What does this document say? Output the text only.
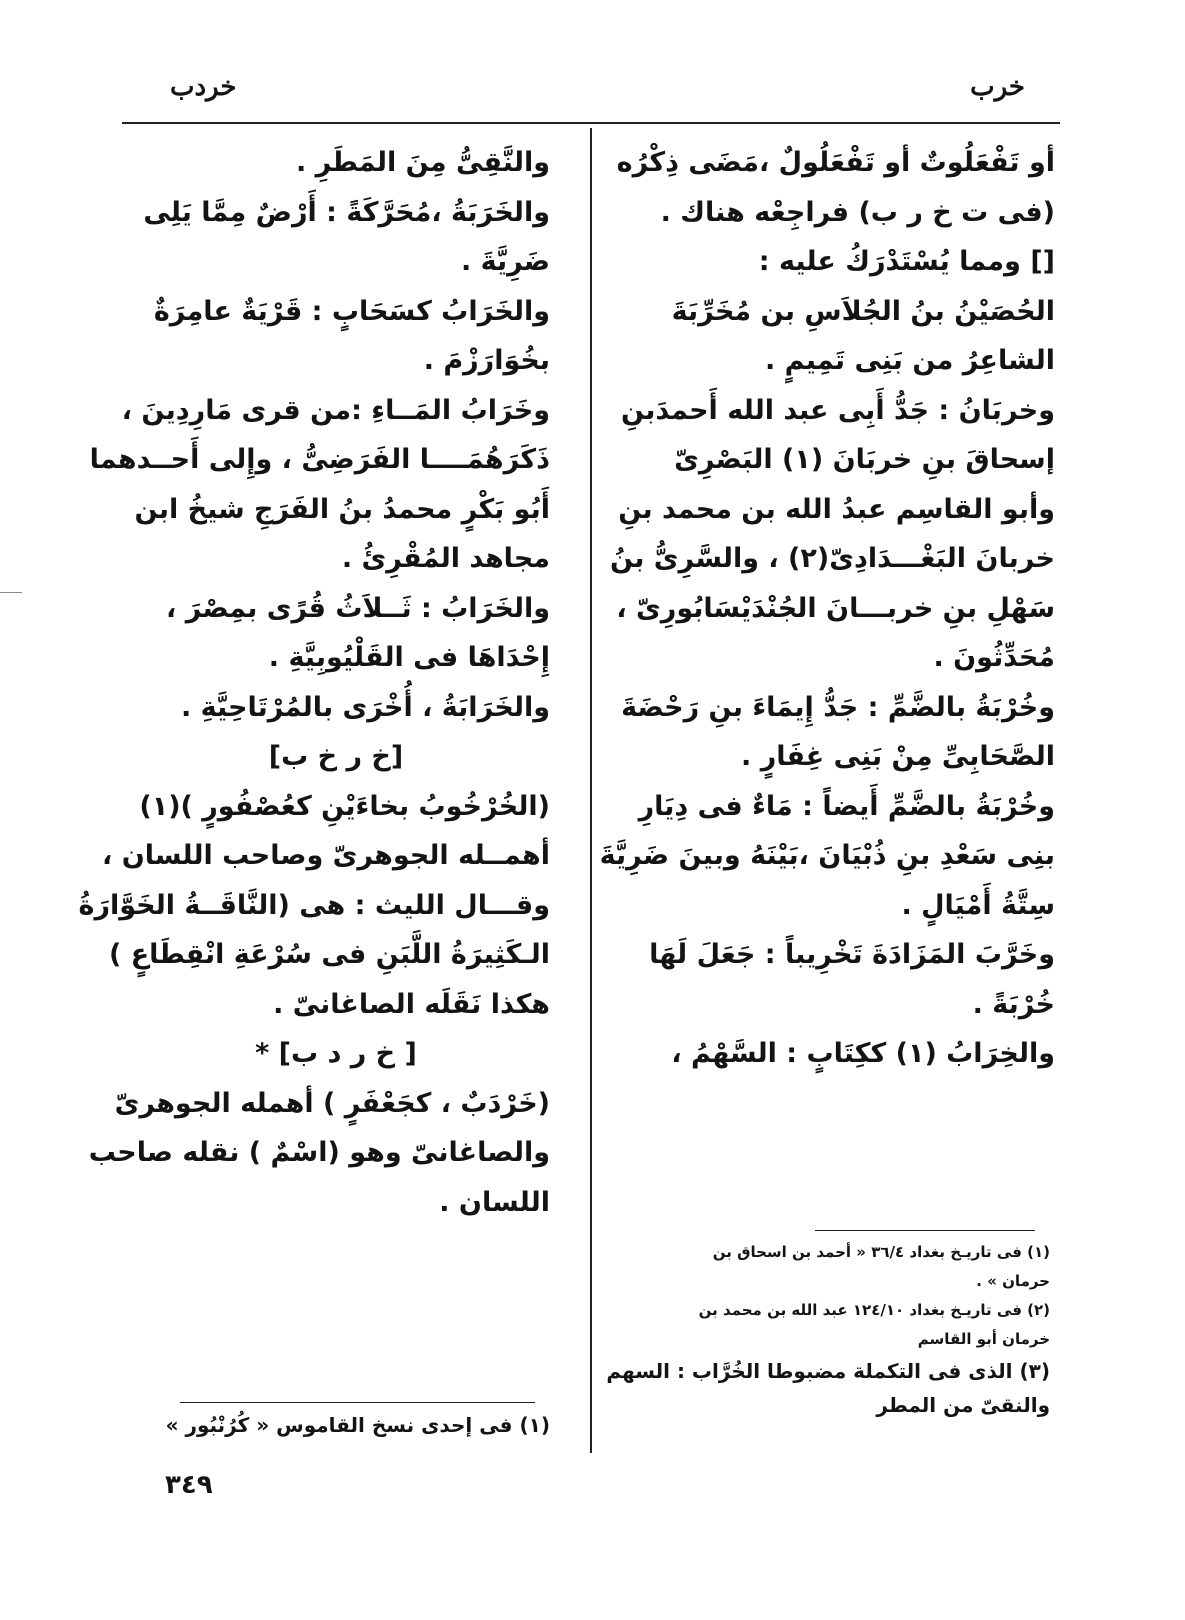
خرب
خردب
أو تَفْعَلُوتٌ أو تَفْعَلُولٌ ،مَضَى ذِكْرُه
(فى ت خ ر ب) فراجِعْه هناك .
[] ومما يُسْتَدْرَكُ عليه :
الحُصَيْنُ بنُ الجُلاَسِ بن مُخَرِّبَةَ
الشاعِرُ من بَنِى تَمِيمٍ .
وخربَانُ : جَدُّ أَبِى عبد الله أَحمدَبنِ
إسحاقَ بنِ خربَانَ (١) البَصْرِىّ
وأبو القاسِم عبدُ الله بن محمد بنِ
خربانَ البَغْـــدَادِىّ(٢) ، والسَّرِىُّ بنُ
سَهْلِ بنِ خربـــانَ الجُنْدَيْسَابُورِىّ ،
مُحَدِّثُونَ .
وخُرْبَةُ بالضَّمِّ : جَدُّ إِيمَاءَ بنِ رَحْضَةَ
الصَّحَابِىِّ مِنْ بَنِى غِفَارٍ .
وخُرْبَةُ بالضَّمِّ أَيضاً : مَاءٌ فى دِيَارِ
بنِى سَعْدِ بنِ ذُبْيَانَ ،بَيْنَهُ وبينَ ضَرِيَّةَ
سِتَّةُ أَمْيَالٍ .
وخَرَّبَ المَزَادَةَ تَخْرِيباً : جَعَلَ لَهَا
خُرْبَةً .
والخِرَابُ (١) ككِتَابٍ : السَّهْمُ ،
(١) فى تاريـخ بغداد ٣٦/٤ « أحمد بن اسحاق بن
حرمان » .
(٢) فى تاريـخ بغداد ١٢٤/١٠ عبد الله بن محمد بن
خرمان أبو القاسم
(٣) الذى فى التكملة مضبوطا الخُرَّاب : السهم
والنقىّ من المطر
والنَّقِىُّ مِنَ المَطَرِ .
والخَرَبَةُ ،مُحَرَّكَةً : أَرْضٌ مِمَّا يَلِى
ضَرِيَّةَ .
والخَرَابُ كسَحَابٍ : قَرْيَةٌ عامِرَةٌ
بخُوَارَزْمَ .
وخَرَابُ المَــاءِ :من قرى مَارِدِينَ ،
ذَكَرَهُمَــــا الفَرَضِىُّ ، وإِلى أَحــدهما
أَبُو بَكْرٍ محمدُ بنُ الفَرَجِ شيخُ ابن
مجاهد المُقْرِئُ .
والخَرَابُ : ثَــلاَثُ قُرًى بمِصْرَ ،
إِحْدَاهَا فى القَلْيُوبِيَّةِ .
والخَرَابَةُ ، أُخْرَى بالمُرْتَاحِيَّةِ .
[خ ر خ ب]
(الخُرْخُوبُ بخاءَيْنِ كعُصْفُورٍ )(١)
أهمــله الجوهرىّ وصاحب اللسان ،
وقـــال الليث : هى (النَّاقَــةُ الخَوَّارَةُ
الـكَثِيرَةُ اللَّبَنِ فى سُرْعَةِ انْقِطَاعٍ )
هكذا نَقَلَه الصاغانىّ .
[ خ ر د ب] *
(خَرْدَبٌ ، كجَعْفَرٍ ) أهمله الجوهرىّ
والصاغانىّ وهو (اسْمٌ ) نقله صاحب
اللسان .
(١) فى إحدى نسخ القاموس « كُرُنْبُور »
٣٤٩
